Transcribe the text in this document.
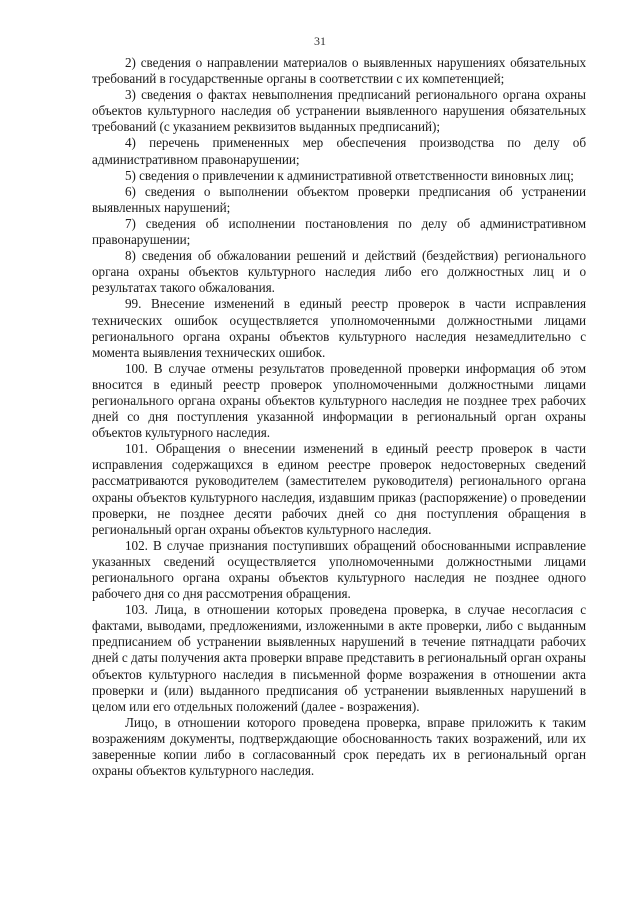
31

2) сведения о направлении материалов о выявленных нарушениях обязательных требований в государственные органы в соответствии с их компетенцией;

3) сведения о фактах невыполнения предписаний регионального органа охраны объектов культурного наследия об устранении выявленного нарушения обязательных требований (с указанием реквизитов выданных предписаний);

4) перечень примененных мер обеспечения производства по делу об административном правонарушении;

5) сведения о привлечении к административной ответственности виновных лиц;

6) сведения о выполнении объектом проверки предписания об устранении выявленных нарушений;

7) сведения об исполнении постановления по делу об административном правонарушении;

8) сведения об обжаловании решений и действий (бездействия) регионального органа охраны объектов культурного наследия либо его должностных лиц и о результатах такого обжалования.

99. Внесение изменений в единый реестр проверок в части исправления технических ошибок осуществляется уполномоченными должностными лицами регионального органа охраны объектов культурного наследия незамедлительно с момента выявления технических ошибок.

100. В случае отмены результатов проведенной проверки информация об этом вносится в единый реестр проверок уполномоченными должностными лицами регионального органа охраны объектов культурного наследия не позднее трех рабочих дней со дня поступления указанной информации в региональный орган охраны объектов культурного наследия.

101. Обращения о внесении изменений в единый реестр проверок в части исправления содержащихся в едином реестре проверок недостоверных сведений рассматриваются руководителем (заместителем руководителя) регионального органа охраны объектов культурного наследия, издавшим приказ (распоряжение) о проведении проверки, не позднее десяти рабочих дней со дня поступления обращения в региональный орган охраны объектов культурного наследия.

102. В случае признания поступивших обращений обоснованными исправление указанных сведений осуществляется уполномоченными должностными лицами регионального органа охраны объектов культурного наследия не позднее одного рабочего дня со дня рассмотрения обращения.

103. Лица, в отношении которых проведена проверка, в случае несогласия с фактами, выводами, предложениями, изложенными в акте проверки, либо с выданным предписанием об устранении выявленных нарушений в течение пятнадцати рабочих дней с даты получения акта проверки вправе представить в региональный орган охраны объектов культурного наследия в письменной форме возражения в отношении акта проверки и (или) выданного предписания об устранении выявленных нарушений в целом или его отдельных положений (далее - возражения).

Лицо, в отношении которого проведена проверка, вправе приложить к таким возражениям документы, подтверждающие обоснованность таких возражений, или их заверенные копии либо в согласованный срок передать их в региональный орган охраны объектов культурного наследия.
